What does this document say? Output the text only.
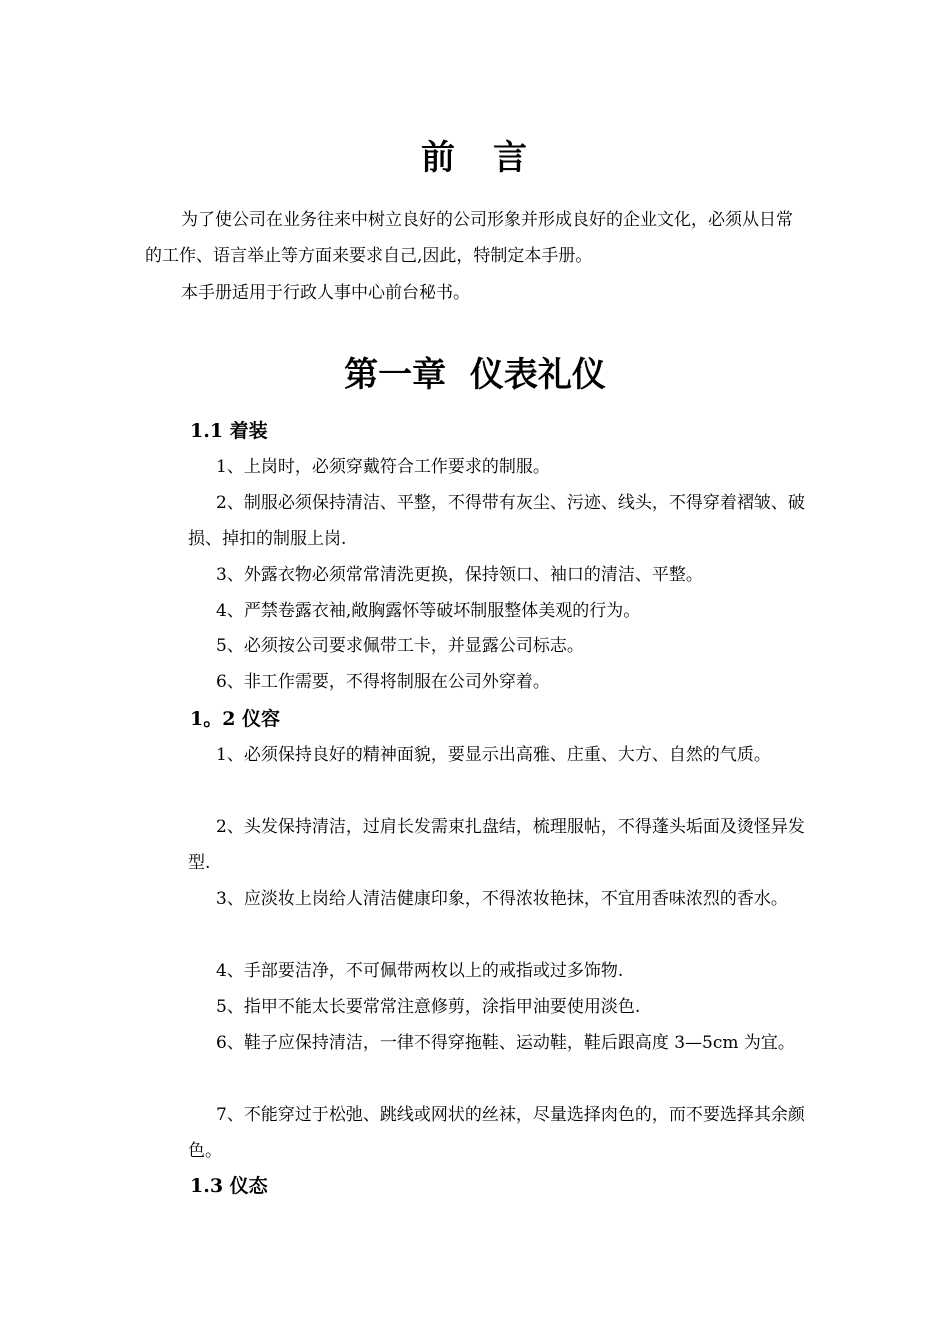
前　言
为了使公司在业务往来中树立良好的公司形象并形成良好的企业文化，必须从日常的工作、语言举止等方面来要求自己,因此，特制定本手册。
本手册适用于行政人事中心前台秘书。
第一章  仪表礼仪
1.1 着装
1、上岗时，必须穿戴符合工作要求的制服。
2、制服必须保持清洁、平整，不得带有灰尘、污迹、线头，不得穿着褶皱、破损、掉扣的制服上岗.
3、外露衣物必须常常清洗更换，保持领口、袖口的清洁、平整。
4、严禁卷露衣袖,敞胸露怀等破坏制服整体美观的行为。
5、必须按公司要求佩带工卡，并显露公司标志。
6、非工作需要，不得将制服在公司外穿着。
1。2 仪容
1、必须保持良好的精神面貌，要显示出高雅、庄重、大方、自然的气质。
2、头发保持清洁，过肩长发需束扎盘结，梳理服帖，不得蓬头垢面及烫怪异发型.
3、应淡妆上岗给人清洁健康印象，不得浓妆艳抹，不宜用香味浓烈的香水。
4、手部要洁净，不可佩带两枚以上的戒指或过多饰物.
5、指甲不能太长要常常注意修剪，涂指甲油要使用淡色.
6、鞋子应保持清洁，一律不得穿拖鞋、运动鞋，鞋后跟高度 3—5cm 为宜。
7、不能穿过于松弛、跳线或网状的丝袜，尽量选择肉色的，而不要选择其余颜色。
1.3 仪态
